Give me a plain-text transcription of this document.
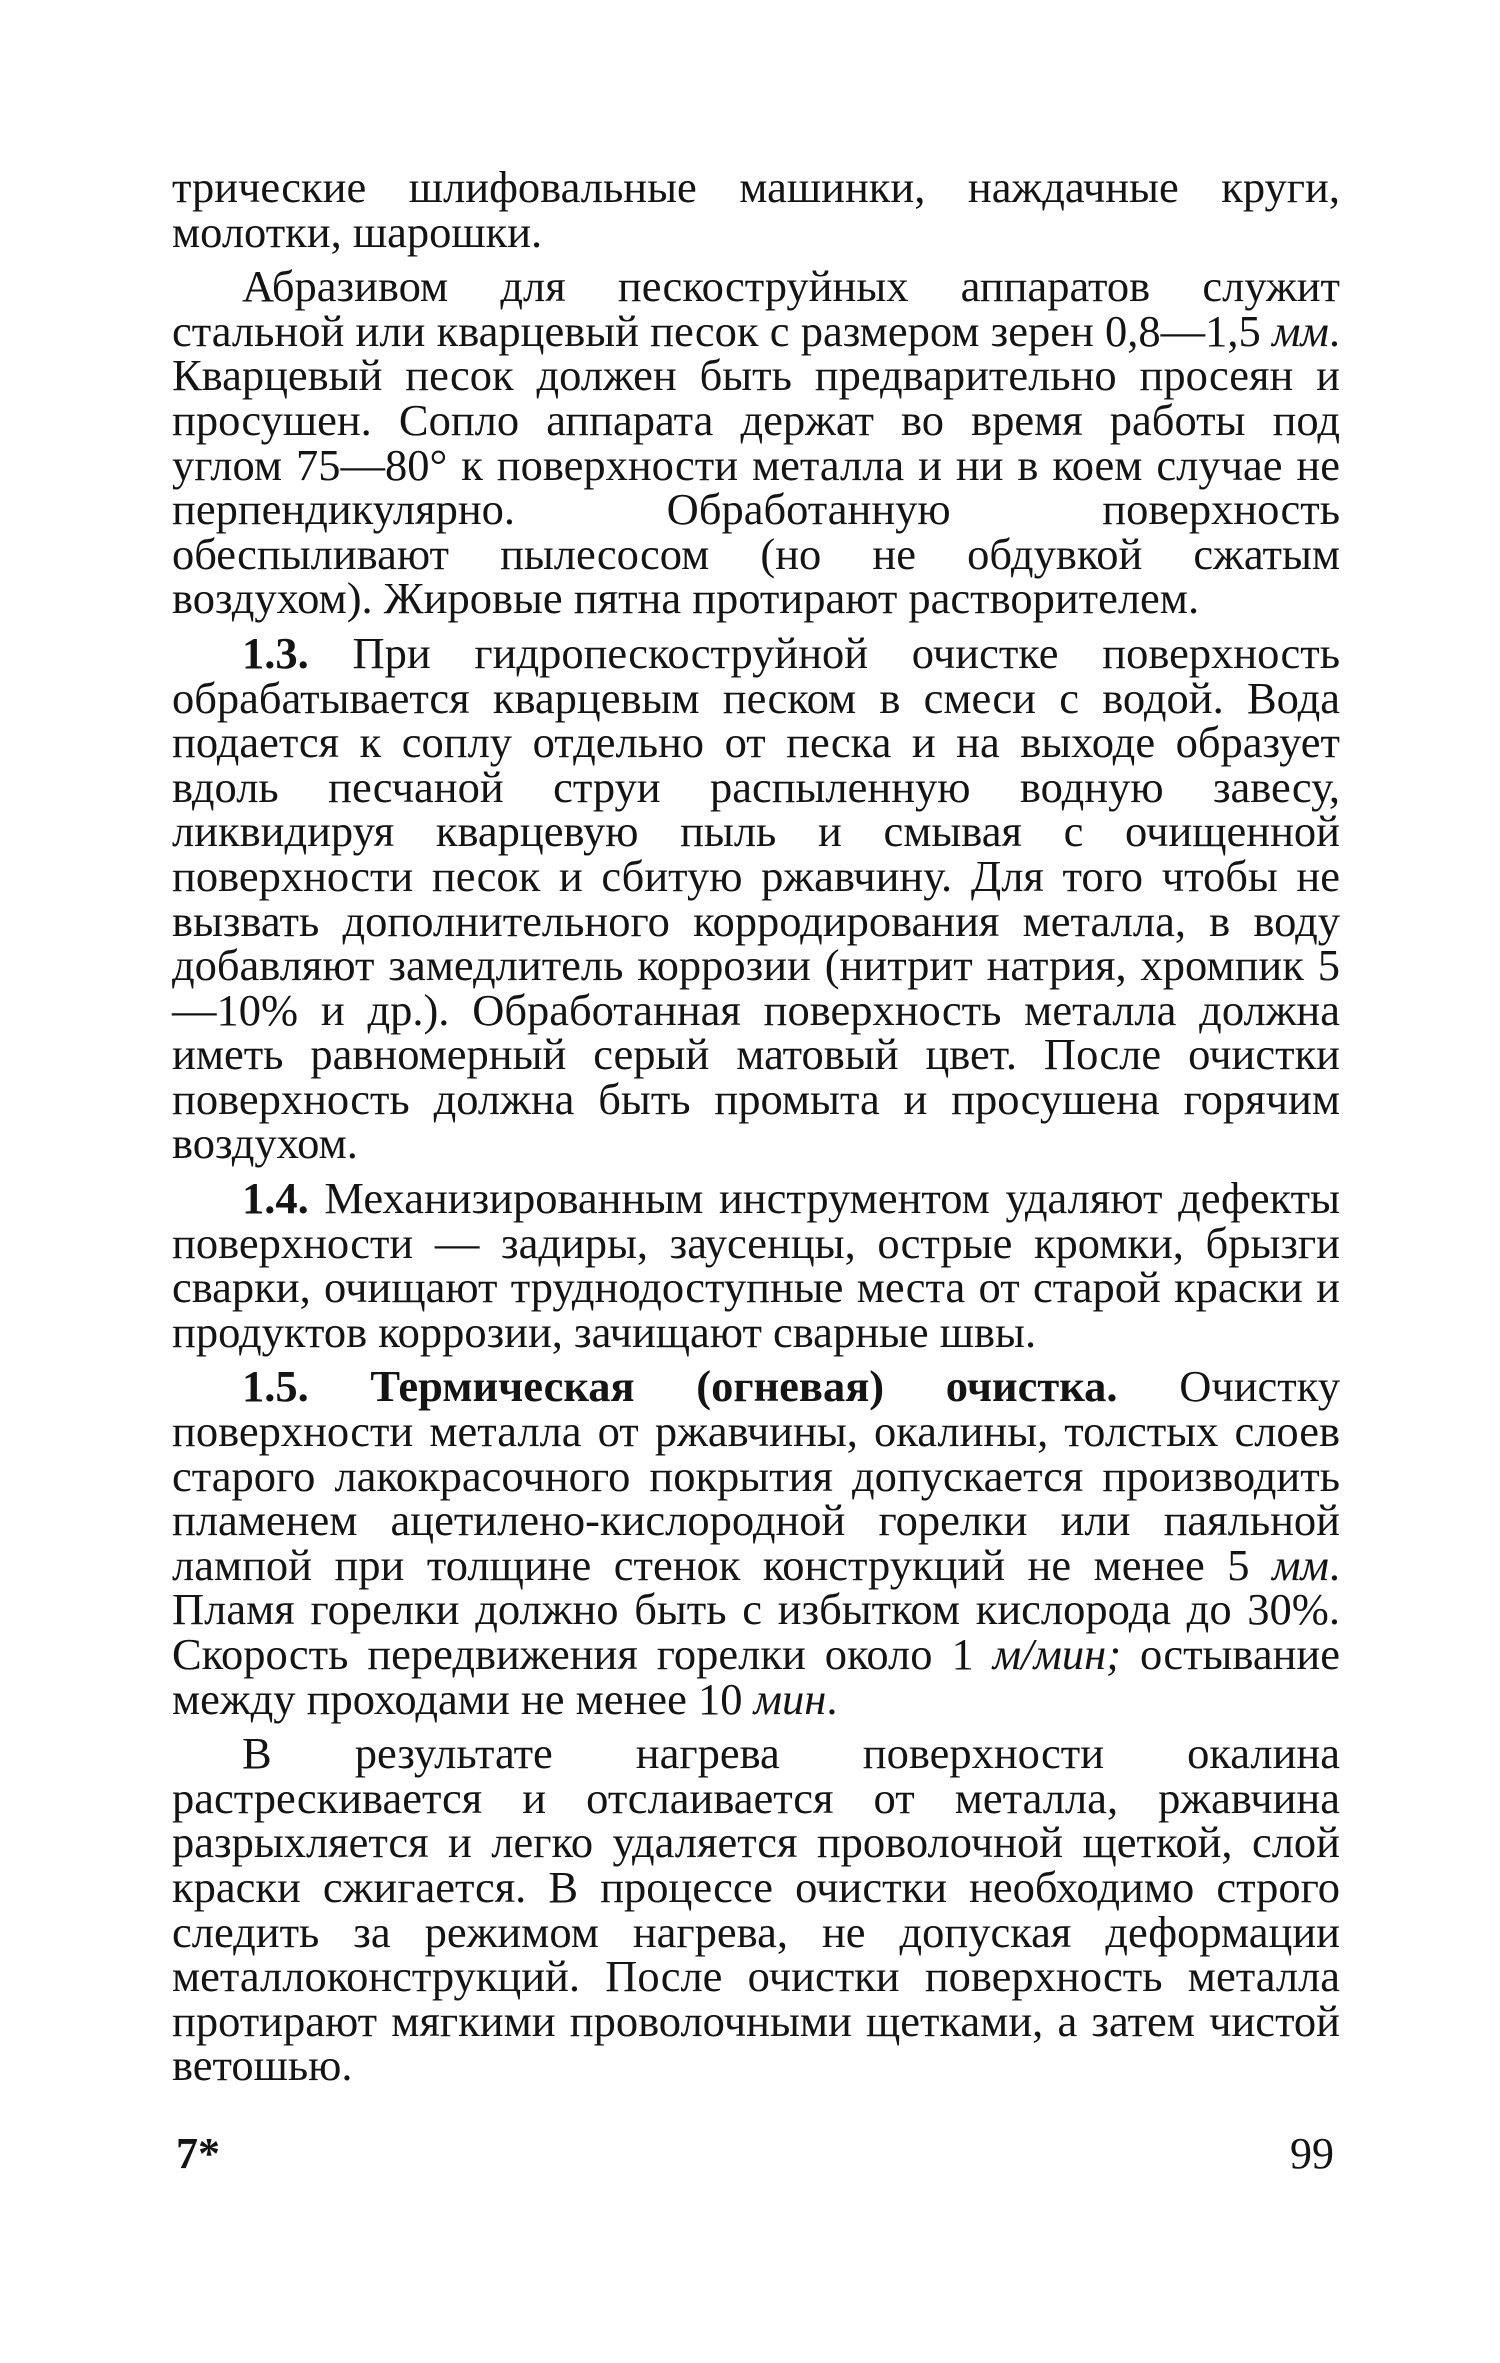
трические шлифовальные машинки, наждачные круги, молотки, шарошки.

Абразивом для пескоструйных аппаратов служит стальной или кварцевый песок с размером зерен 0,8—1,5 мм. Кварцевый песок должен быть предварительно просеян и просушен. Сопло аппарата держат во время работы под углом 75—80° к поверхности металла и ни в коем случае не перпендикулярно. Обработанную поверхность обеспыливают пылесосом (но не обдувкой сжатым воздухом). Жировые пятна протирают растворителем.

1.3. При гидропескоструйной очистке поверхность обрабатывается кварцевым песком в смеси с водой. Вода подается к соплу отдельно от песка и на выходе образует вдоль песчаной струи распыленную водную завесу, ликвидируя кварцевую пыль и смывая с очищенной поверхности песок и сбитую ржавчину. Для того чтобы не вызвать дополнительного корродирования металла, в воду добавляют замедлитель коррозии (нитрит натрия, хромпик 5—10% и др.). Обработанная поверхность металла должна иметь равномерный серый матовый цвет. После очистки поверхность должна быть промыта и просушена горячим воздухом.

1.4. Механизированным инструментом удаляют дефекты поверхности — задиры, заусенцы, острые кромки, брызги сварки, очищают труднодоступные места от старой краски и продуктов коррозии, зачищают сварные швы.

1.5. Термическая (огневая) очистка. Очистку поверхности металла от ржавчины, окалины, толстых слоев старого лакокрасочного покрытия допускается производить пламенем ацетилено-кислородной горелки или паяльной лампой при толщине стенок конструкций не менее 5 мм. Пламя горелки должно быть с избытком кислорода до 30%. Скорость передвижения горелки около 1 м/мин; остывание между проходами не менее 10 мин.

В результате нагрева поверхности окалина растрескивается и отслаивается от металла, ржавчина разрыхляется и легко удаляется проволочной щеткой, слой краски сжигается. В процессе очистки необходимо строго следить за режимом нагрева, не допуская деформации металлоконструкций. После очистки поверхность металла протирают мягкими проволочными щетками, а затем чистой ветошью.

7*	99
